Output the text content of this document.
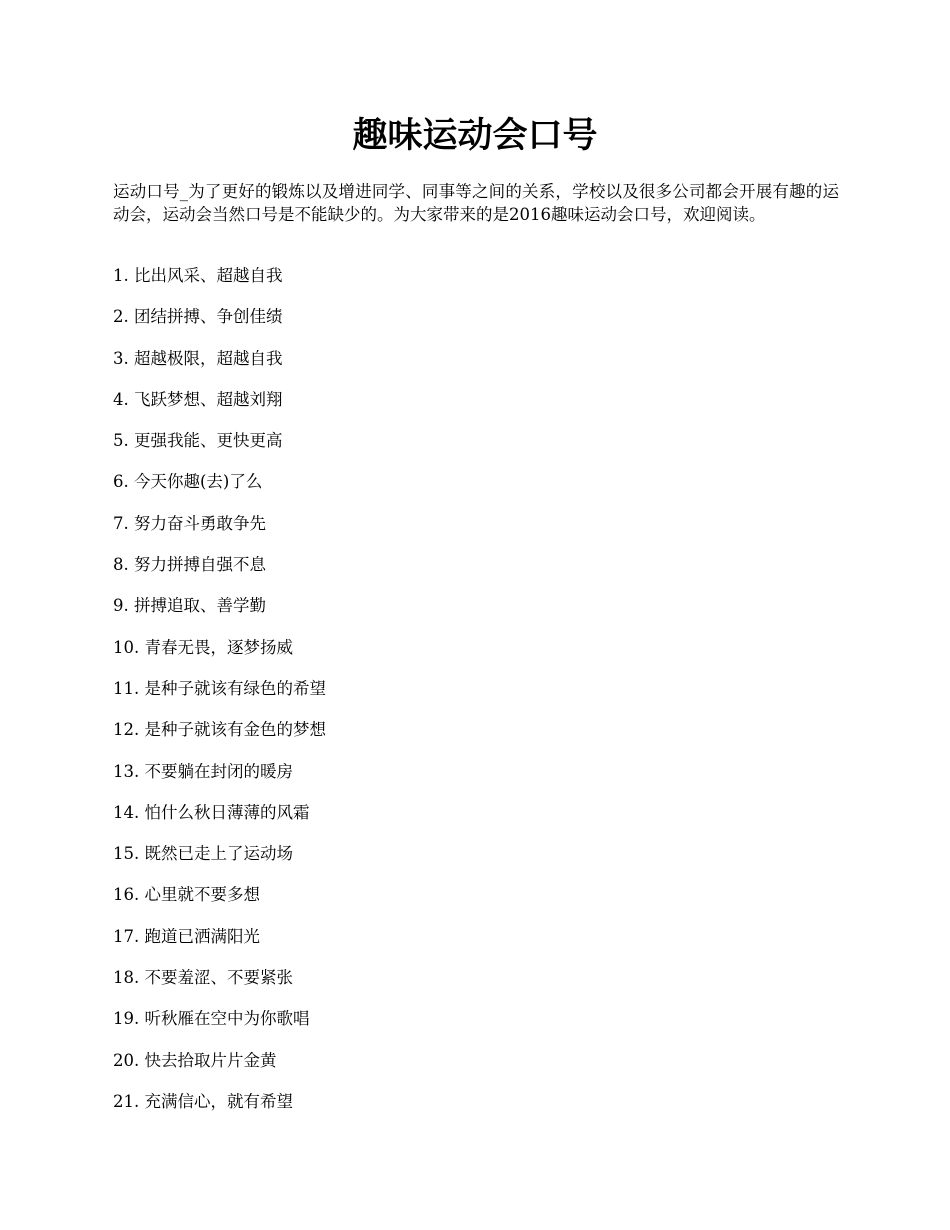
趣味运动会口号

运动口号_为了更好的锻炼以及增进同学、同事等之间的关系，学校以及很多公司都会开展有趣的运动会，运动会当然口号是不能缺少的。为大家带来的是2016趣味运动会口号，欢迎阅读。

1. 比出风采、超越自我
2. 团结拼搏、争创佳绩
3. 超越极限，超越自我
4. 飞跃梦想、超越刘翔
5. 更强我能、更快更高
6. 今天你趣(去)了么
7. 努力奋斗勇敢争先
8. 努力拼搏自强不息
9. 拼搏追取、善学勤
10. 青春无畏，逐梦扬威
11. 是种子就该有绿色的希望
12. 是种子就该有金色的梦想
13. 不要躺在封闭的暖房
14. 怕什么秋日薄薄的风霜
15. 既然已走上了运动场
16. 心里就不要多想
17. 跑道已洒满阳光
18. 不要羞涩、不要紧张
19. 听秋雁在空中为你歌唱
20. 快去拾取片片金黄
21. 充满信心，就有希望
